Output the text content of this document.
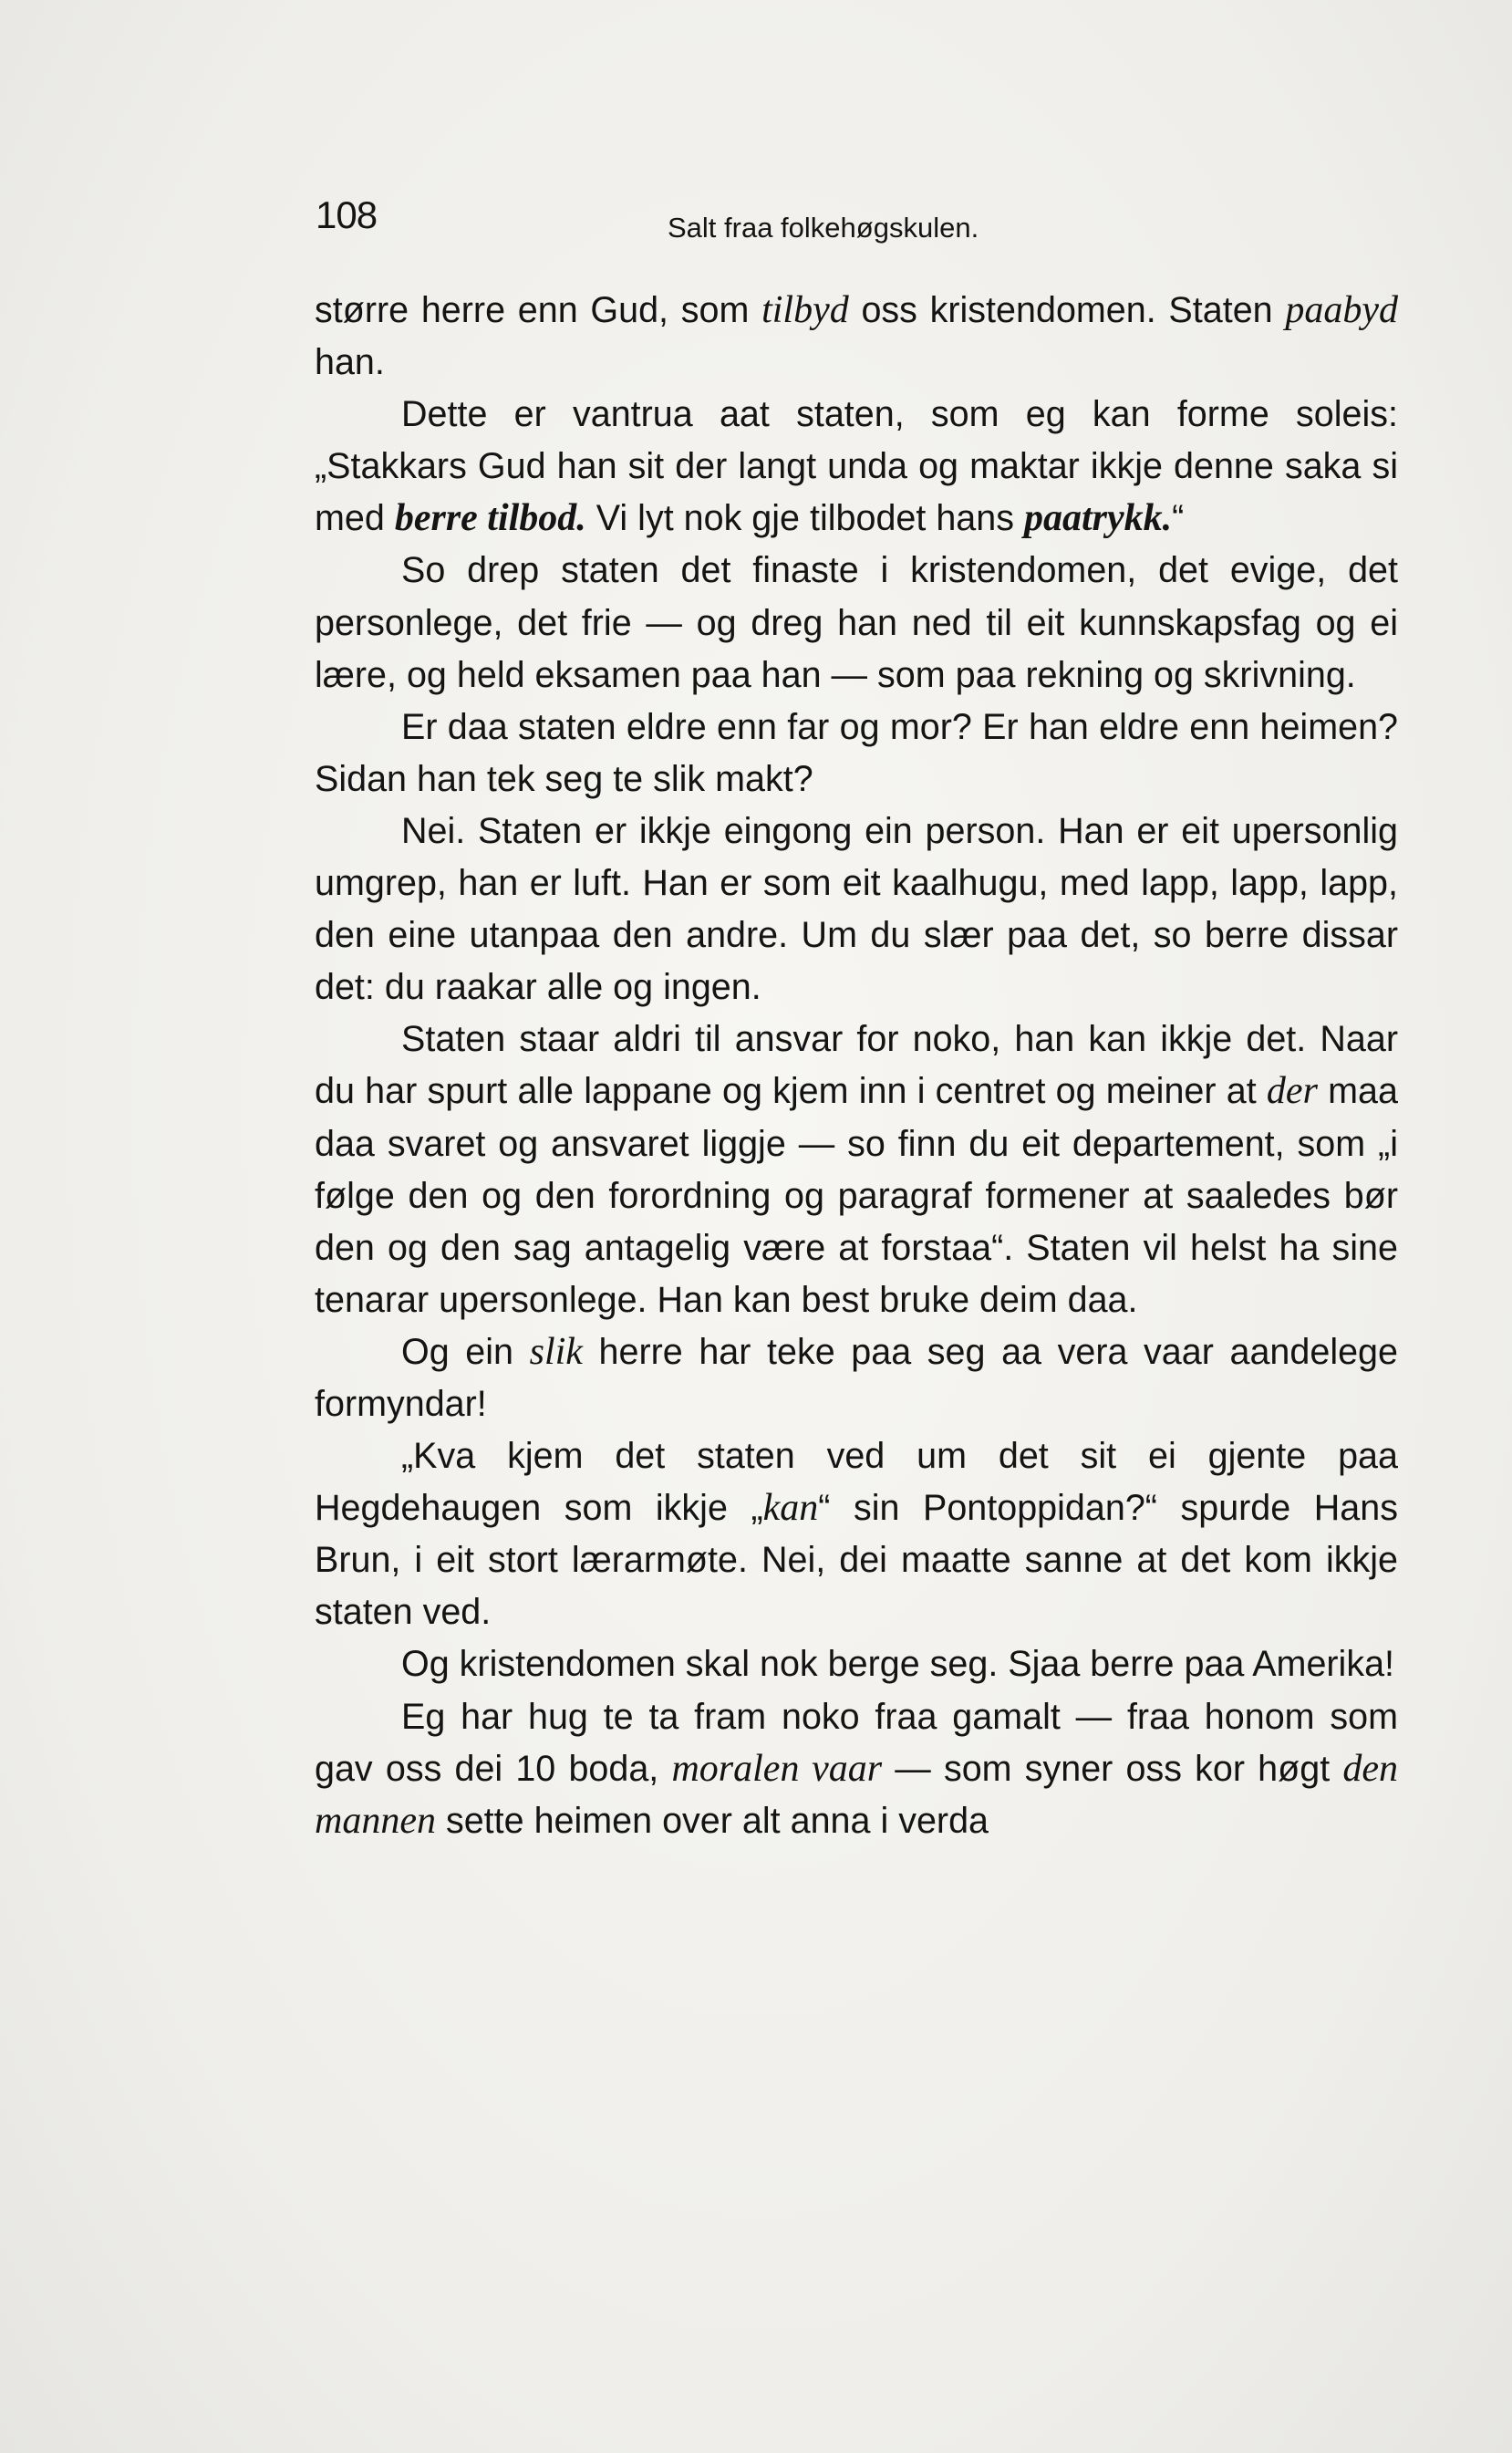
108	Salt fraa folkehøgskulen.

større herre enn Gud, som tilbyd oss kristendomen. Staten paabyd han.

Dette er vantrua aat staten, som eg kan forme soleis: „Stakkars Gud han sit der langt unda og maktar ikkje denne saka si med berre tilbod. Vi lyt nok gje tilbodet hans paatrykk.“

So drep staten det finaste i kristendomen, det evige, det personlege, det frie — og dreg han ned til eit kunnskapsfag og ei lære, og held eksamen paa han — som paa rekning og skrivning.

Er daa staten eldre enn far og mor? Er han eldre enn heimen? Sidan han tek seg te slik makt?

Nei. Staten er ikkje eingong ein person. Han er eit upersonlig umgrep, han er luft. Han er som eit kaalhugu, med lapp, lapp, lapp, den eine utanpaa den andre. Um du slær paa det, so berre dissar det: du raakar alle og ingen.

Staten staar aldri til ansvar for noko, han kan ikkje det. Naar du har spurt alle lappane og kjem inn i centret og meiner at der maa daa svaret og ansvaret liggje — so finn du eit departement, som „i følge den og den forordning og paragraf formener at saaledes bør den og den sag antagelig være at forstaa“. Staten vil helst ha sine tenarar upersonlege. Han kan best bruke deim daa.

Og ein slik herre har teke paa seg aa vera vaar aandelege formyndar!

„Kva kjem det staten ved um det sit ei gjente paa Hegdehaugen som ikkje „kan“ sin Pontoppidan?“ spurde Hans Brun, i eit stort lærarmøte. Nei, dei maatte sanne at det kom ikkje staten ved.

Og kristendomen skal nok berge seg. Sjaa berre paa Amerika!

Eg har hug te ta fram noko fraa gamalt — fraa honom som gav oss dei 10 boda, moralen vaar — som syner oss kor høgt den mannen sette heimen over alt anna i verda
